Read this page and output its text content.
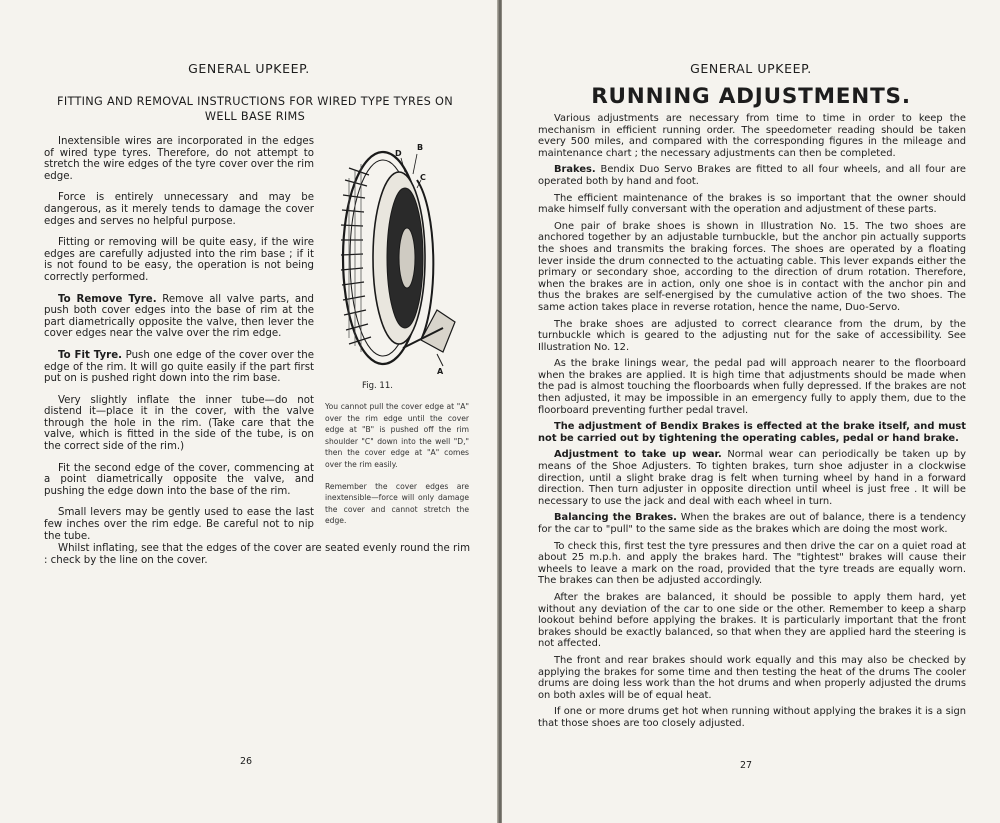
GENERAL UPKEEP.
FITTING AND REMOVAL INSTRUCTIONS FOR WIRED TYPE TYRES ON
WELL BASE RIMS

Inextensible wires are incorporated in the edges of wired type tyres. Therefore, do not attempt to stretch the wire edges of the tyre cover over the rim edge.

Force is entirely unnecessary and may be dangerous, as it merely tends to damage the cover edges and serves no helpful purpose.

Fitting or removing will be quite easy, if the wire edges are carefully adjusted into the rim base ; if it is not found to be easy, the operation is not being correctly performed.

To Remove Tyre. Remove all valve parts, and push both cover edges into the base of rim at the part diametrically opposite the valve, then lever the cover edges near the valve over the rim edge.

To Fit Tyre. Push one edge of the cover over the edge of the rim. It will go quite easily if the part first put on is pushed right down into the rim base.

Very slightly inflate the inner tube—do not distend it—place it in the cover, with the valve through the hole in the rim. (Take care that the valve, which is fitted in the side of the tube, is on the correct side of the rim.)

Fit the second edge of the cover, commencing at a point diametrically opposite the valve, and pushing the edge down into the base of the rim.

Small levers may be gently used to ease the last few inches over the rim edge. Be careful not to nip the tube.

D
B
C
A
Fig. 11.

You cannot pull the cover edge at "A" over the rim edge until the cover edge at "B" is pushed off the rim shoulder "C" down into the well "D," then the cover edge at "A" comes over the rim easily.

Remember the cover edges are inextensible—force will only damage the cover and cannot stretch the edge.

Whilst inflating, see that the edges of the cover are seated evenly round the rim : check by the line on the cover.

26
GENERAL UPKEEP.
RUNNING ADJUSTMENTS.

Various adjustments are necessary from time to time in order to keep the mechanism in efficient running order. The speedometer reading should be taken every 500 miles, and compared with the corresponding figures in the mileage and maintenance chart ; the necessary adjustments can then be completed.

Brakes. Bendix Duo Servo Brakes are fitted to all four wheels, and all four are operated both by hand and foot.

The efficient maintenance of the brakes is so important that the owner should make himself fully conversant with the operation and adjustment of these parts.

One pair of brake shoes is shown in Illustration No. 15. The two shoes are anchored together by an adjustable turnbuckle, but the anchor pin actually supports the shoes and transmits the braking forces. The shoes are operated by a floating lever inside the drum connected to the actuating cable. This lever expands either the primary or secondary shoe, according to the direction of drum rotation. Therefore, when the brakes are in action, only one shoe is in contact with the anchor pin and thus the brakes are self-energised by the cumulative action of the two shoes. The same action takes place in reverse rotation, hence the name, Duo-Servo.

The brake shoes are adjusted to correct clearance from the drum, by the turnbuckle which is geared to the adjusting nut for the sake of accessibility. See Illustration No. 12.

As the brake linings wear, the pedal pad will approach nearer to the floorboard when the brakes are applied. It is high time that adjustments should be made when the pad is almost touching the floorboards when fully depressed. If the brakes are not then adjusted, it may be impossible in an emergency fully to apply them, due to the floorboard preventing further pedal travel.

The adjustment of Bendix Brakes is effected at the brake itself, and must not be carried out by tightening the operating cables, pedal or hand brake.

Adjustment to take up wear. Normal wear can periodically be taken up by means of the Shoe Adjusters. To tighten brakes, turn shoe adjuster in a clockwise direction, until a slight brake drag is felt when turning wheel by hand in a forward direction. Then turn adjuster in opposite direction until wheel is just free . It will be necessary to use the jack and deal with each wheel in turn.

Balancing the Brakes. When the brakes are out of balance, there is a tendency for the car to "pull" to the same side as the brakes which are doing the most work.

To check this, first test the tyre pressures and then drive the car on a quiet road at about 25 m.p.h. and apply the brakes hard. The "tightest" brakes will cause their wheels to leave a mark on the road, provided that the tyre treads are equally worn. The brakes can then be adjusted accordingly.

After the brakes are balanced, it should be possible to apply them hard, yet without any deviation of the car to one side or the other. Remember to keep a sharp lookout behind before applying the brakes. It is particularly important that the front brakes should be exactly balanced, so that when they are applied hard the steering is not affected.

The front and rear brakes should work equally and this may also be checked by applying the brakes for some time and then testing the heat of the drums The cooler drums are doing less work than the hot drums and when properly adjusted the drums on both axles will be of equal heat.

If one or more drums get hot when running without applying the brakes it is a sign that those shoes are too closely adjusted.

27
